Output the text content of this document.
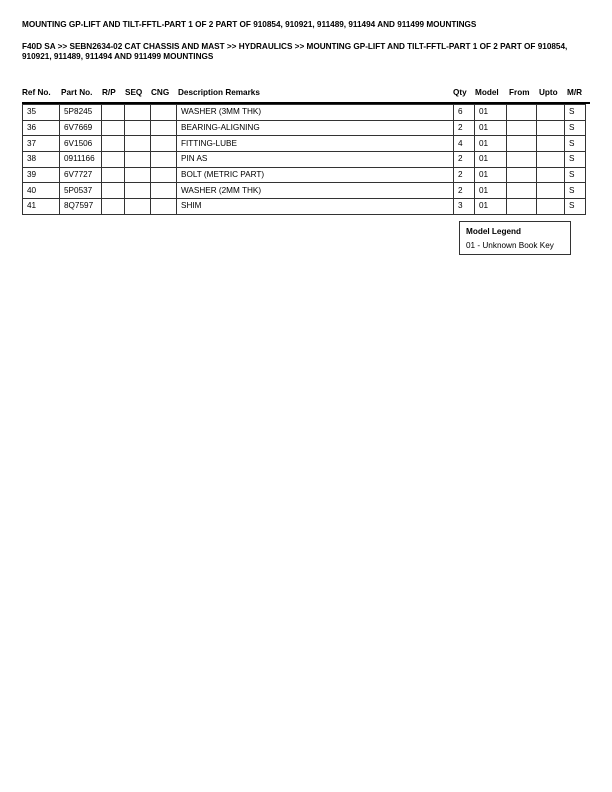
MOUNTING GP-LIFT AND TILT-FFTL-PART 1 OF 2 PART OF 910854, 910921, 911489, 911494 AND 911499 MOUNTINGS
F40D SA >> SEBN2634-02 CAT CHASSIS AND MAST >> HYDRAULICS >> MOUNTING GP-LIFT AND TILT-FFTL-PART 1 OF 2 PART OF 910854, 910921, 911489, 911494 AND 911499 MOUNTINGS
Ref No. Part No. R/P SEQ CNG Description Remarks	Qty Model From Upto M/R
35	5P8245				WASHER (3MM THK)	6	01			S
36	6V7669				BEARING-ALIGNING	2	01			S
37	6V1506				FITTING-LUBE	4	01			S
38	0911166				PIN AS	2	01			S
39	6V7727				BOLT (METRIC PART)	2	01			S
40	5P0537				WASHER (2MM THK)	2	01			S
41	8Q7597				SHIM	3	01			S
Model Legend
01 - Unknown Book Key
